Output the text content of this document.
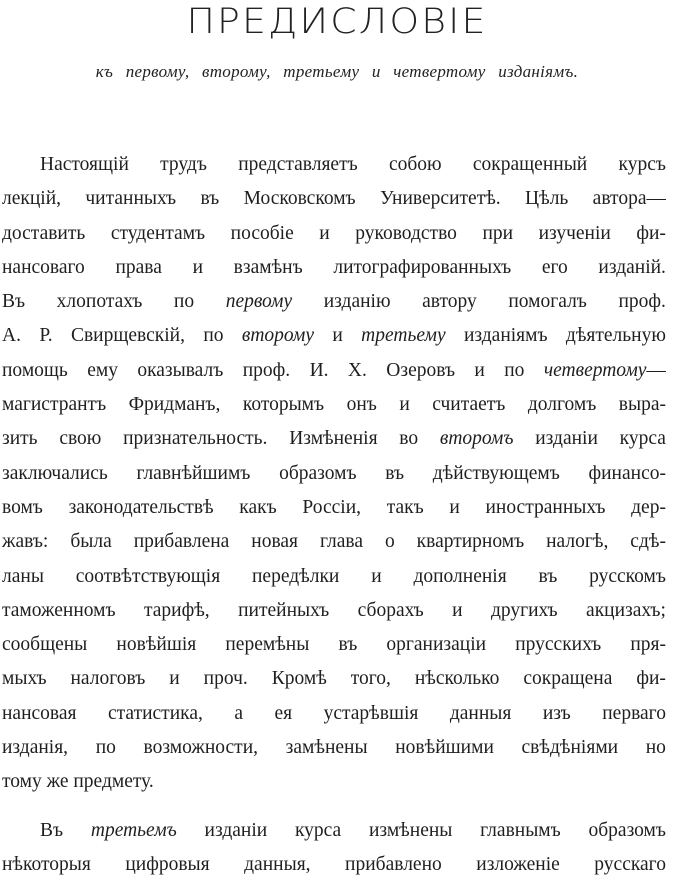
ПРЕДИСЛОВІЕ
къ первому, второму, третьему и четвертому изданіямъ.
Настоящій трудъ представляетъ собою сокращенный курсъ
лекцій, читанныхъ въ Московскомъ Университетѣ. Цѣль автора—
доставить студентамъ пособіе и руководство при изученіи фи-
нансоваго права и взамѣнъ литографированныхъ его изданій.
Въ хлопотахъ по первому изданію автору помогалъ проф.
А. Р. Свирщевскій, по второму и третьему изданіямъ дѣятельную
помощь ему оказывалъ проф. И. Х. Озеровъ и по четвертому—
магистрантъ Фридманъ, которымъ онъ и считаетъ долгомъ выра-
зить свою признательность. Измѣненія во второмъ изданіи курса
заключались главнѣйшимъ образомъ въ дѣйствующемъ финансо-
вомъ законодательствѣ какъ Россіи, такъ и иностранныхъ дер-
жавъ: была прибавлена новая глава о квартирномъ налогѣ, сдѣ-
ланы соотвѣтствующія передѣлки и дополненія въ русскомъ
таможенномъ тарифѣ, питейныхъ сборахъ и другихъ акцизахъ;
сообщены новѣйшія перемѣны въ организаціи прусскихъ пря-
мыхъ налоговъ и проч. Кромѣ того, нѣсколько сокращена фи-
нансовая статистика, а ея устарѣвшія данныя изъ перваго
изданія, по возможности, замѣнены новѣйшими свѣдѣніями но
тому же предмету.
Въ третьемъ изданіи курса измѣнены главнымъ образомъ
нѣкоторыя цифровыя данныя, прибавлено изложеніе русскаго
